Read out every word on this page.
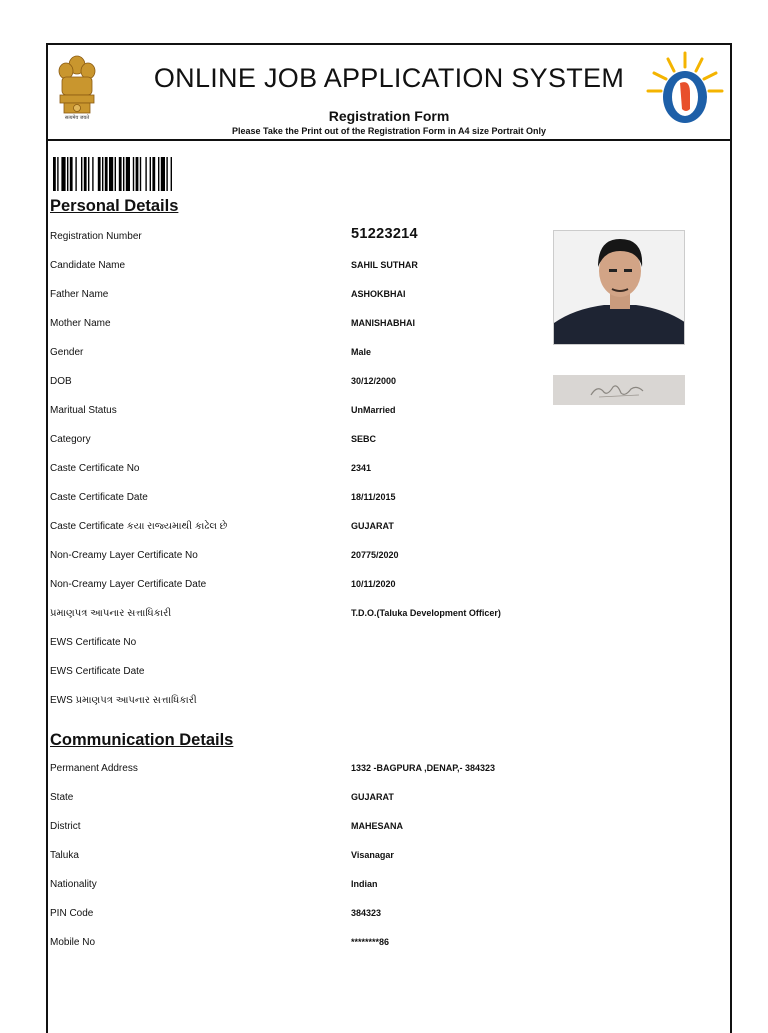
सत्यमेव जयते
ONLINE JOB APPLICATION SYSTEM
Registration Form
Please Take the Print out of the Registration Form in A4 size Portrait Only
Personal Details
Registration Number	51223214
Candidate Name	SAHIL SUTHAR
Father Name	ASHOKBHAI
Mother Name	MANISHABHAI
Gender	Male
DOB	30/12/2000
Maritual Status	UnMarried
Category	SEBC
Caste Certificate No	2341
Caste Certificate Date	18/11/2015
Caste Certificate કયા રાજ્યમાથી કાઢેલ છે	GUJARAT
Non-Creamy Layer Certificate No	20775/2020
Non-Creamy Layer Certificate Date	10/11/2020
પ્રમાણપત્ર આપનાર સત્તાધિકારી	T.D.O.(Taluka Development Officer)
EWS Certificate No
EWS Certificate Date
EWS પ્રમાણપત્ર આપનાર સત્તાધિકારી
Communication Details
Permanent Address	1332 -BAGPURA ,DENAP,- 384323
State	GUJARAT
District	MAHESANA
Taluka	Visanagar
Nationality	Indian
PIN Code	384323
Mobile No	********86
